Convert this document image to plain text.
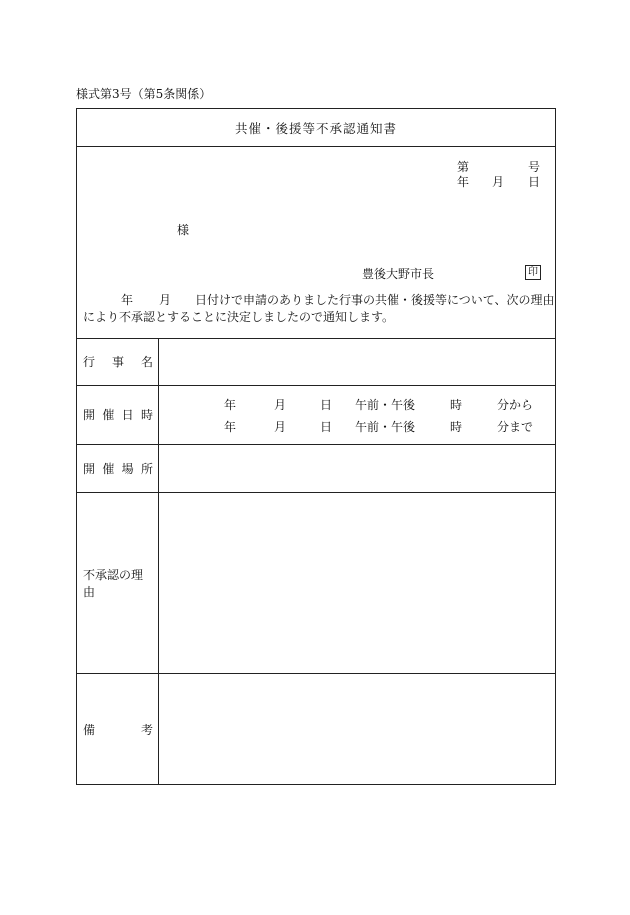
様式第3号（第5条関係）
共催・後援等不承認通知書
第	号
年 月 日
様
豊後大野市長	印
年 月 日付けで申請のありました行事の共催・後援等について、次の理由
により不承認とすることに決定しましたので通知します。
行 事 名
開 催 日 時
年	月	日 午前・午後	時	分から
年	月	日 午前・午後	時	分まで
開 催 場 所
不承認の理由
備	考
